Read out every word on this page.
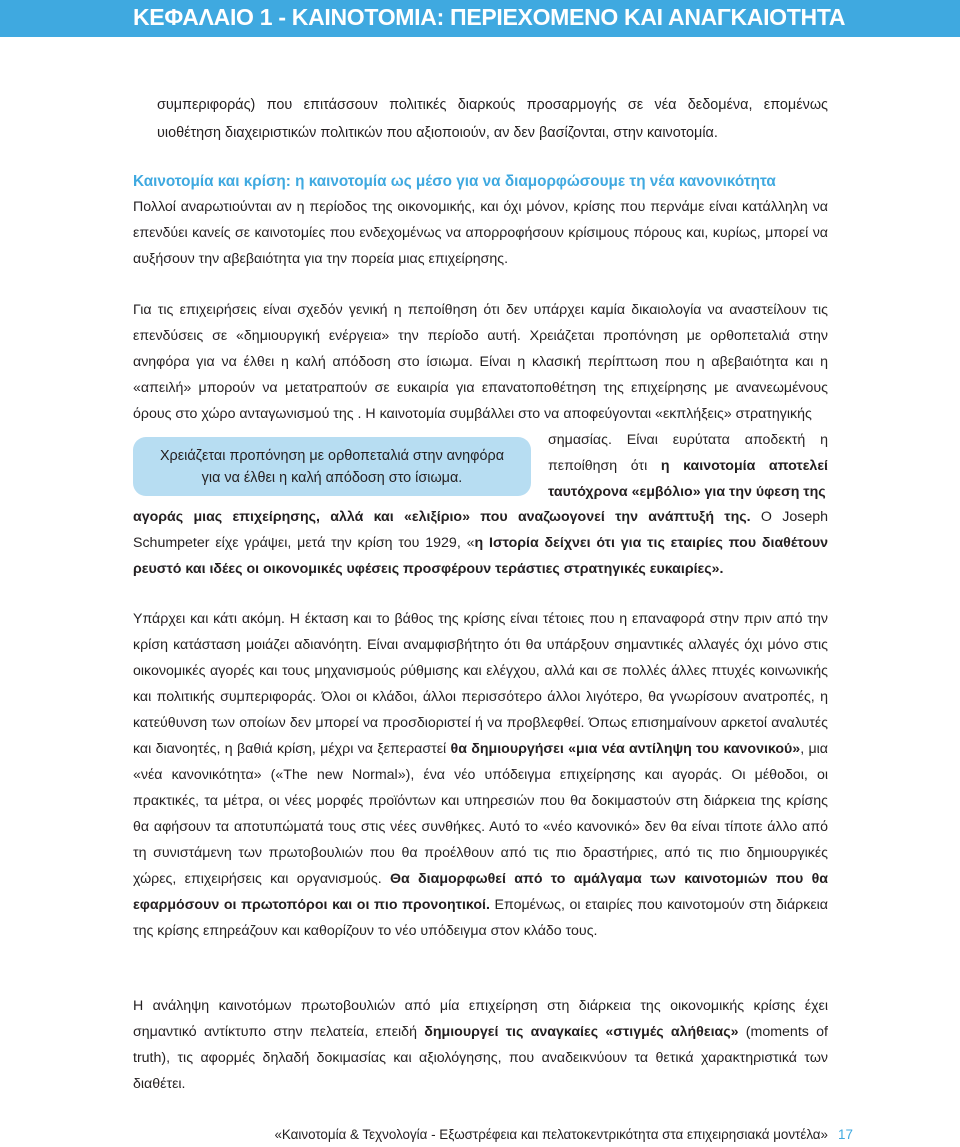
ΚΕΦΑΛΑΙΟ 1 - ΚΑΙΝΟΤΟΜΙΑ: ΠΕΡΙΕΧΟΜΕΝΟ ΚΑΙ ΑΝΑΓΚΑΙΟΤΗΤΑ

συμπεριφοράς) που επιτάσσουν πολιτικές διαρκούς προσαρμογής σε νέα δεδομένα, επομένως υιοθέτηση διαχειριστικών πολιτικών που αξιοποιούν, αν δεν βασίζονται, στην καινοτομία.

Καινοτομία και κρίση: η καινοτομία ως μέσο για να διαμορφώσουμε τη νέα κανονικότητα

Πολλοί αναρωτιούνται αν η περίοδος της οικονομικής, και όχι μόνον, κρίσης που περνάμε είναι κατάλληλη να επενδύει κανείς σε καινοτομίες που ενδεχομένως να απορροφήσουν κρίσιμους πόρους και, κυρίως, μπορεί να αυξήσουν την αβεβαιότητα για την πορεία μιας επιχείρησης.

Για τις επιχειρήσεις είναι σχεδόν γενική η πεποίθηση ότι δεν υπάρχει καμία δικαιολογία να αναστείλουν τις επενδύσεις σε «δημιουργική ενέργεια» την περίοδο αυτή. Χρειάζεται προπόνηση με ορθοπεταλιά στην ανηφόρα για να έλθει η καλή απόδοση στο ίσιωμα. Είναι η κλασική περίπτωση που η αβεβαιότητα και η «απειλή» μπορούν να μετατραπούν σε ευκαιρία για επανατοποθέτηση της επιχείρησης με ανανεωμένους όρους στο χώρο ανταγωνισμού της . Η καινοτομία συμβάλλει στο να αποφεύγονται «εκπλήξεις» στρατηγικής

αγοράς μιας επιχείρησης, αλλά και «ελιξίριο» που αναζωογονεί την ανάπτυξή της. O Joseph Schumpeter είχε γράψει, μετά την κρίση του 1929, «η Ιστορία δείχνει ότι για τις εταιρίες που διαθέτουν ρευστό και ιδέες οι οικονομικές υφέσεις προσφέρουν τεράστιες στρατηγικές ευκαιρίες».

Υπάρχει και κάτι ακόμη. Η έκταση και το βάθος της κρίσης είναι τέτοιες που η επαναφορά στην πριν από την κρίση κατάσταση μοιάζει αδιανόητη. Είναι αναμφισβήτητο ότι θα υπάρξουν σημαντικές αλλαγές όχι μόνο στις οικονομικές αγορές και τους μηχανισμούς ρύθμισης και ελέγχου, αλλά και σε πολλές άλλες πτυχές κοινωνικής και πολιτικής συμπεριφοράς. Όλοι οι κλάδοι, άλλοι περισσότερο άλλοι λιγότερο, θα γνωρίσουν ανατροπές, η κατεύθυνση των οποίων δεν μπορεί να προσδιοριστεί ή να προβλεφθεί. Όπως επισημαίνουν αρκετοί αναλυτές και διανοητές, η βαθιά κρίση, μέχρι να ξεπεραστεί θα δημιουργήσει «μια νέα αντίληψη του κανονικού», μια «νέα κανονικότητα» («The new Normal»), ένα νέο υπόδειγμα επιχείρησης και αγοράς. Οι μέθοδοι, οι πρακτικές, τα μέτρα, οι νέες μορφές προϊόντων και υπηρεσιών που θα δοκιμαστούν στη διάρκεια της κρίσης θα αφήσουν τα αποτυπώματά τους στις νέες συνθήκες. Αυτό το «νέο κανονικό» δεν θα είναι τίποτε άλλο από τη συνιστάμενη των πρωτοβουλιών που θα προέλθουν από τις πιο δραστήριες, από τις πιο δημιουργικές χώρες, επιχειρήσεις και οργανισμούς. Θα διαμορφωθεί από το αμάλγαμα των καινοτομιών που θα εφαρμόσουν οι πρωτοπόροι και οι πιο προνοητικοί. Επομένως, οι εταιρίες που καινοτομούν στη διάρκεια της κρίσης επηρεάζουν και καθορίζουν το νέο υπόδειγμα στον κλάδο τους.

Η ανάληψη καινοτόμων πρωτοβουλιών από μία επιχείρηση στη διάρκεια της οικονομικής κρίσης έχει σημαντικό αντίκτυπο στην πελατεία, επειδή δημιουργεί τις αναγκαίες «στιγμές αλήθειας» (moments of truth), τις αφορμές δηλαδή δοκιμασίας και αξιολόγησης, που αναδεικνύουν τα θετικά χαρακτηριστικά των διαθέτει.

Χρειάζεται προπόνηση με ορθοπεταλιά στην ανηφόρα
για να έλθει η καλή απόδοση στο ίσιωμα.

σημασίας. Είναι ευρύτατα αποδεκτή η πεποίθηση ότι η καινοτομία αποτελεί ταυτόχρονα «εμβόλιο» για την ύφεση της

«Καινοτομία & Τεχνολογία - Εξωστρέφεια και πελατοκεντρικότητα στα επιχειρησιακά μοντέλα» 17
